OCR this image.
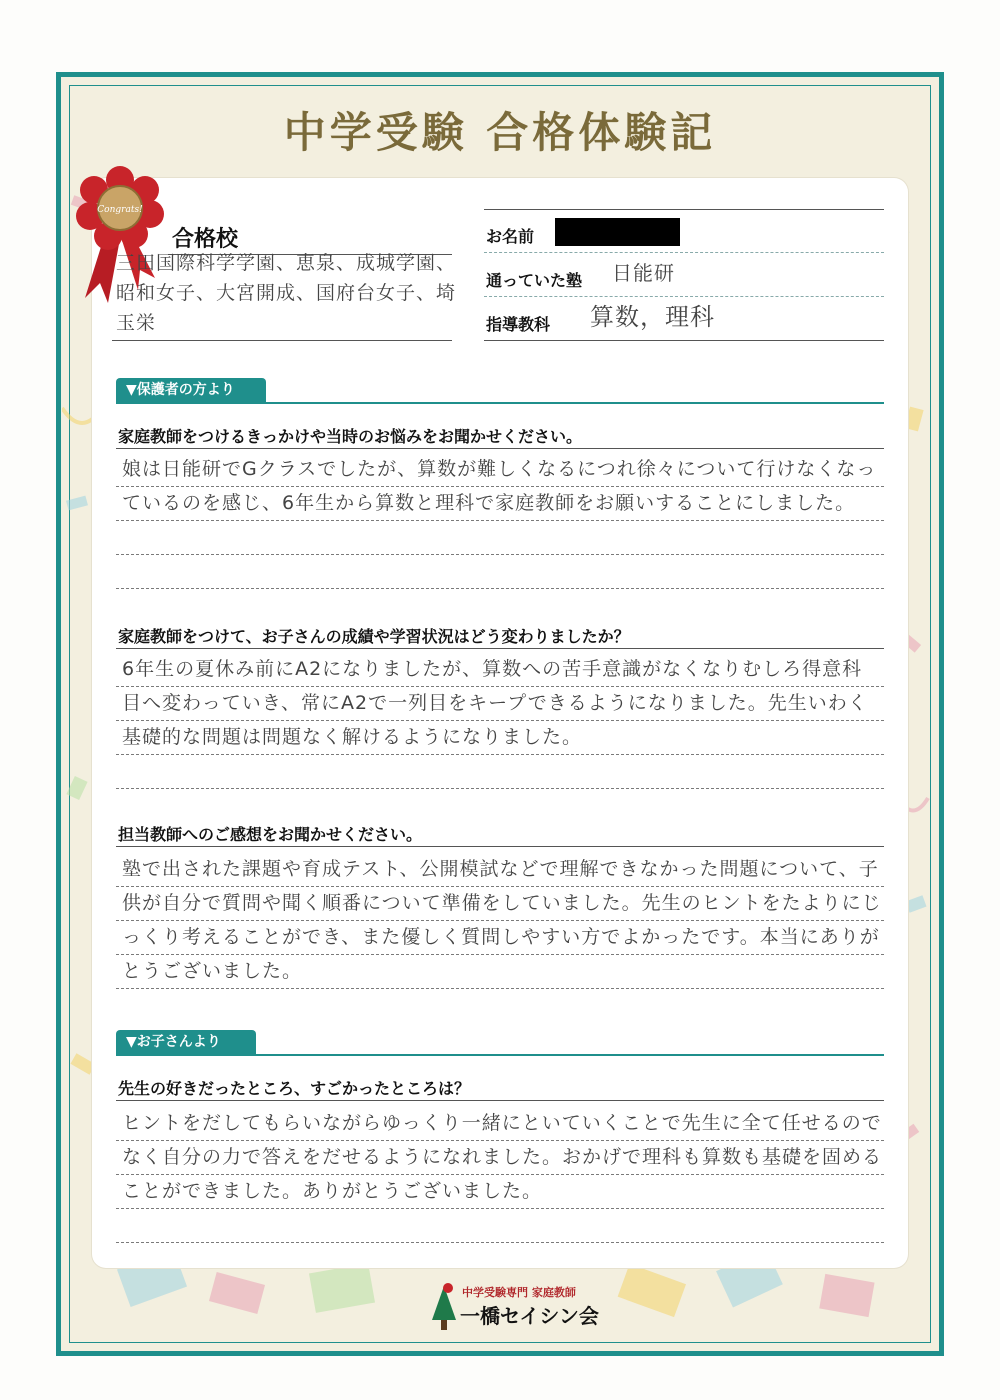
中学受験 合格体験記
Congrats!
合格校
三田国際科学学園、恵泉、成城学園、昭和女子、大宮開成、国府台女子、埼玉栄
お名前
通っていた塾 日能研
指導教科 算数，理科
▼保護者の方より
家庭教師をつけるきっかけや当時のお悩みをお聞かせください。
娘は日能研でGクラスでしたが、算数が難しくなるにつれ徐々について行けなくなっているのを感じ、6年生から算数と理科で家庭教師をお願いすることにしました。
家庭教師をつけて、お子さんの成績や学習状況はどう変わりましたか？
6年生の夏休み前にA2になりましたが、算数への苦手意識がなくなりむしろ得意科目へ変わっていき、常にA2で一列目をキープできるようになりました。先生いわく基礎的な問題は問題なく解けるようになりました。
担当教師へのご感想をお聞かせください。
塾で出された課題や育成テスト、公開模試などで理解できなかった問題について、子供が自分で質問や聞く順番について準備をしていました。先生のヒントをたよりにじっくり考えることができ、また優しく質問しやすい方でよかったです。本当にありがとうございました。
▼お子さんより
先生の好きだったところ、すごかったところは？
ヒントをだしてもらいながらゆっくり一緒にといていくことで先生に全て任せるのでなく自分の力で答えをだせるようになれました。おかげで理科も算数も基礎を固めることができました。ありがとうございました。
中学受験専門 家庭教師
一橋セイシン会
